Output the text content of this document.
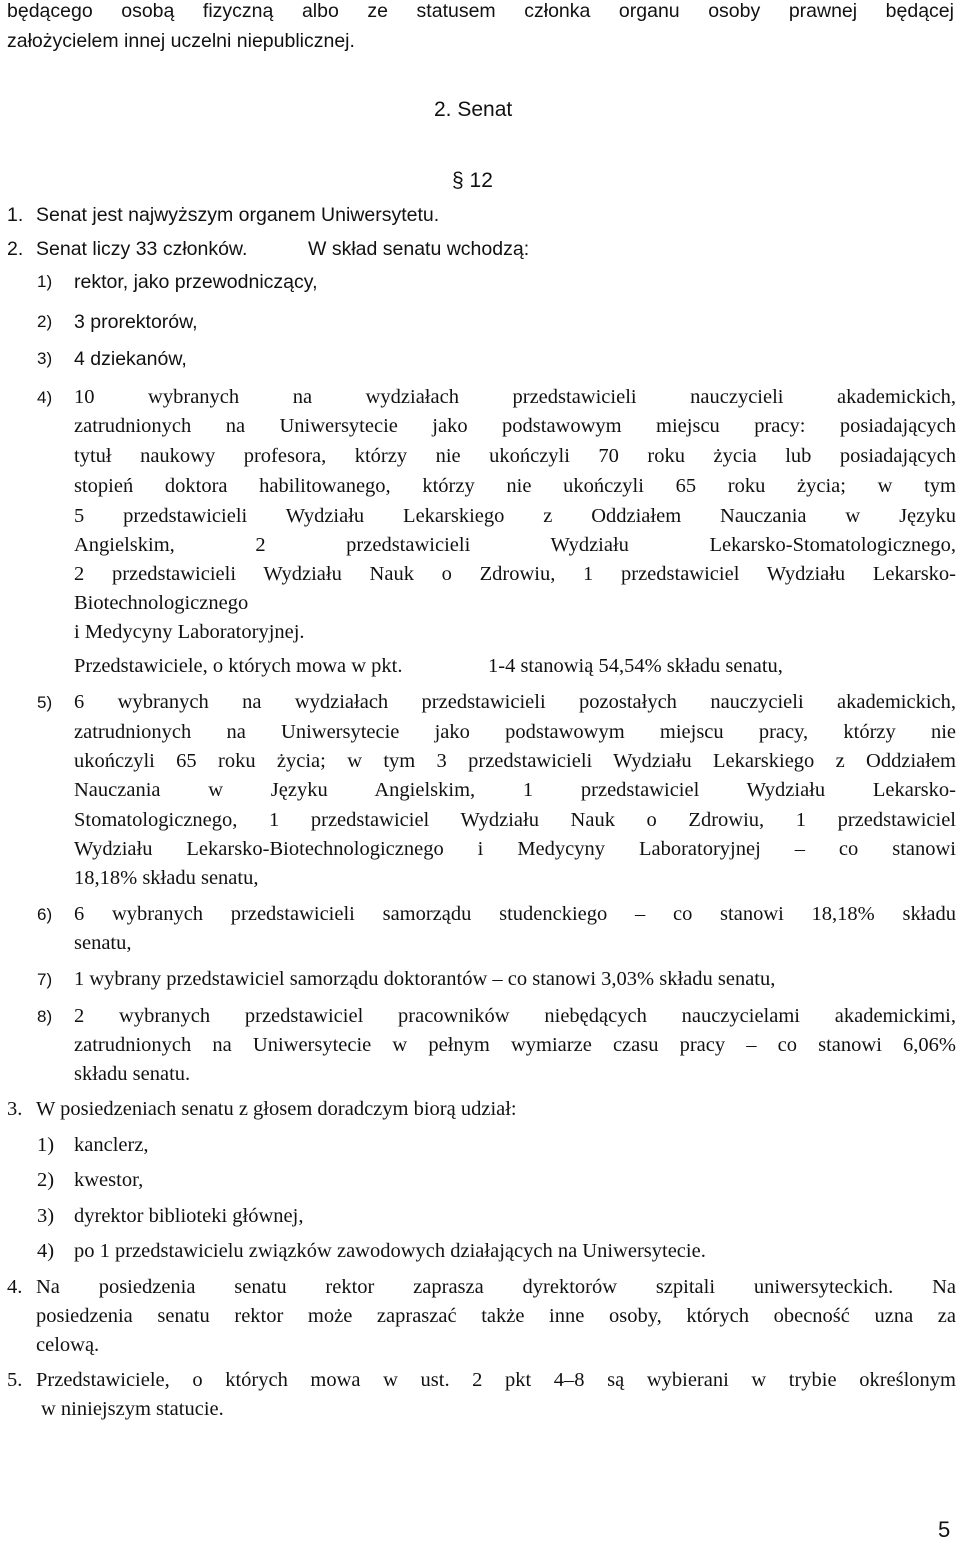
będącego osobą fizyczną albo ze statusem członka organu osoby prawnej będącej
założycielem innej uczelni niepublicznej.
2. Senat
§ 12
1. Senat jest najwyższym organem Uniwersytetu.
2. Senat liczy 33 członków.	W skład senatu wchodzą:
1) rektor, jako przewodniczący,
2) 3 prorektorów,
3) 4 dziekanów,
4) 10 wybranych na wydziałach przedstawicieli nauczycieli akademickich,
zatrudnionych na Uniwersytecie jako podstawowym miejscu pracy: posiadających
tytuł naukowy profesora, którzy nie ukończyli 70 roku życia lub posiadających
stopień doktora habilitowanego, którzy nie ukończyli 65 roku życia; w tym
5 przedstawicieli Wydziału Lekarskiego z Oddziałem Nauczania w Języku
Angielskim, 2 przedstawicieli Wydziału Lekarsko-Stomatologicznego,
2 przedstawicieli Wydziału Nauk o Zdrowiu, 1 przedstawiciel Wydziału Lekarsko-
Biotechnologicznego
i Medycyny Laboratoryjnej.
Przedstawiciele, o których mowa w pkt.	1-4 stanowią 54,54% składu senatu,
5) 6 wybranych na wydziałach przedstawicieli pozostałych nauczycieli akademickich,
zatrudnionych na Uniwersytecie jako podstawowym miejscu pracy, którzy nie
ukończyli 65 roku życia; w tym 3 przedstawicieli Wydziału Lekarskiego z Oddziałem
Nauczania w Języku Angielskim, 1 przedstawiciel Wydziału Lekarsko-
Stomatologicznego, 1 przedstawiciel Wydziału Nauk o Zdrowiu, 1 przedstawiciel
Wydziału Lekarsko-Biotechnologicznego i Medycyny Laboratoryjnej – co stanowi
18,18% składu senatu,
6) 6 wybranych przedstawicieli samorządu studenckiego – co stanowi 18,18% składu
senatu,
7) 1 wybrany przedstawiciel samorządu doktorantów – co stanowi 3,03% składu senatu,
8) 2 wybranych przedstawiciel pracowników niebędących nauczycielami akademickimi,
zatrudnionych na Uniwersytecie w pełnym wymiarze czasu pracy – co stanowi 6,06%
składu senatu.
3. W posiedzeniach senatu z głosem doradczym biorą udział:
1) kanclerz,
2) kwestor,
3) dyrektor biblioteki głównej,
4) po 1 przedstawicielu związków zawodowych działających na Uniwersytecie.
4. Na posiedzenia senatu rektor zaprasza dyrektorów szpitali uniwersyteckich. Na
posiedzenia senatu rektor może zapraszać także inne osoby, których obecność uzna za
celową.
5. Przedstawiciele, o których mowa w ust. 2 pkt 4–8 są wybierani w trybie określonym
w niniejszym statucie.
5
